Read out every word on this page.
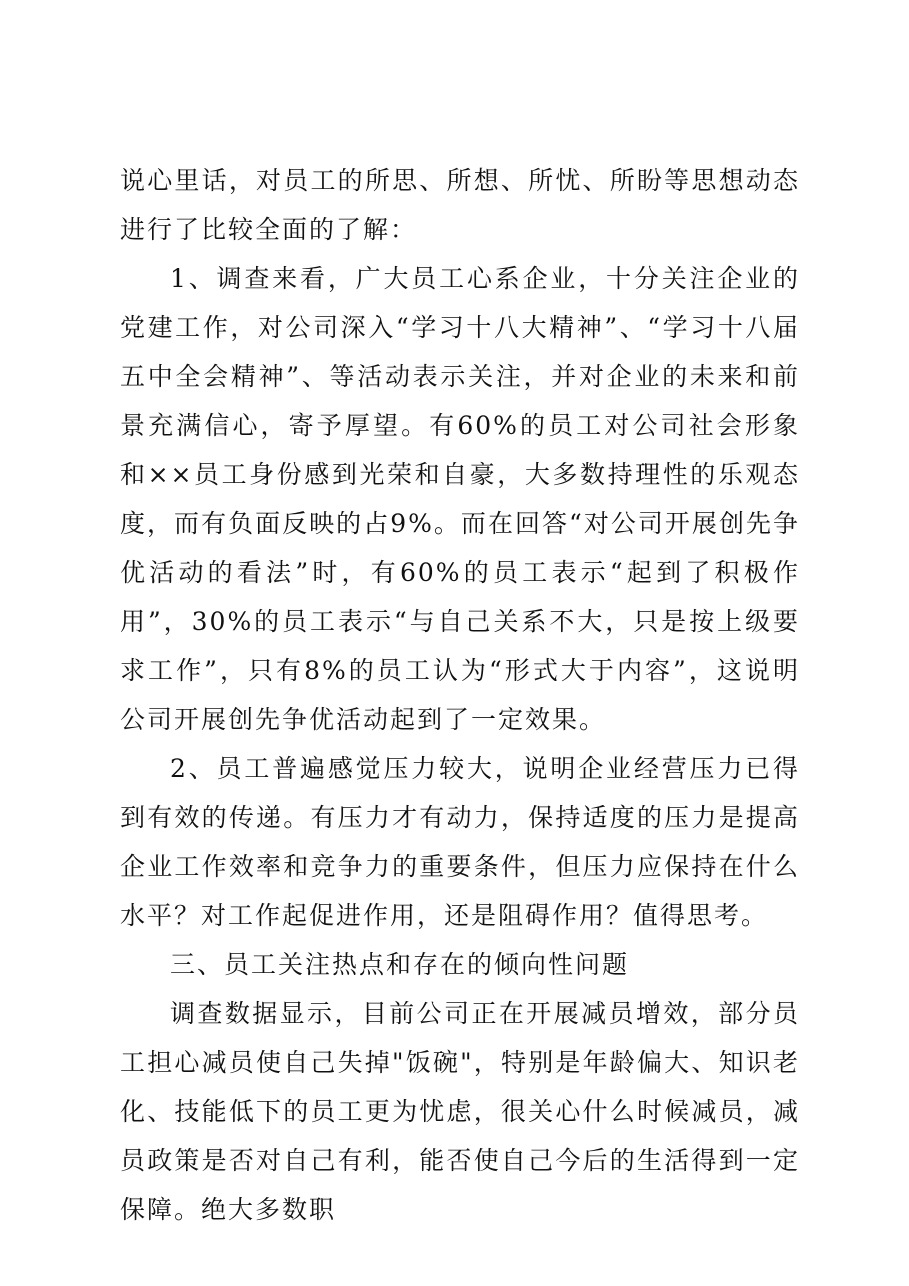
说心里话，对员工的所思、所想、所忧、所盼等思想动态进行了比较全面的了解：

1、调查来看，广大员工心系企业，十分关注企业的党建工作，对公司深入“学习十八大精神”、“学习十八届五中全会精神”、等活动表示关注，并对企业的未来和前景充满信心，寄予厚望。有60%的员工对公司社会形象和××员工身份感到光荣和自豪，大多数持理性的乐观态度，而有负面反映的占9%。而在回答“对公司开展创先争优活动的看法”时，有60%的员工表示“起到了积极作用”，30%的员工表示“与自己关系不大，只是按上级要求工作”，只有8%的员工认为“形式大于内容”，这说明公司开展创先争优活动起到了一定效果。

2、员工普遍感觉压力较大，说明企业经营压力已得到有效的传递。有压力才有动力，保持适度的压力是提高企业工作效率和竞争力的重要条件，但压力应保持在什么水平？对工作起促进作用，还是阻碍作用？值得思考。

三、员工关注热点和存在的倾向性问题

调查数据显示，目前公司正在开展减员增效，部分员工担心减员使自己失掉"饭碗"，特别是年龄偏大、知识老化、技能低下的员工更为忧虑，很关心什么时候减员，减员政策是否对自己有利，能否使自己今后的生活得到一定保障。绝大多数职
